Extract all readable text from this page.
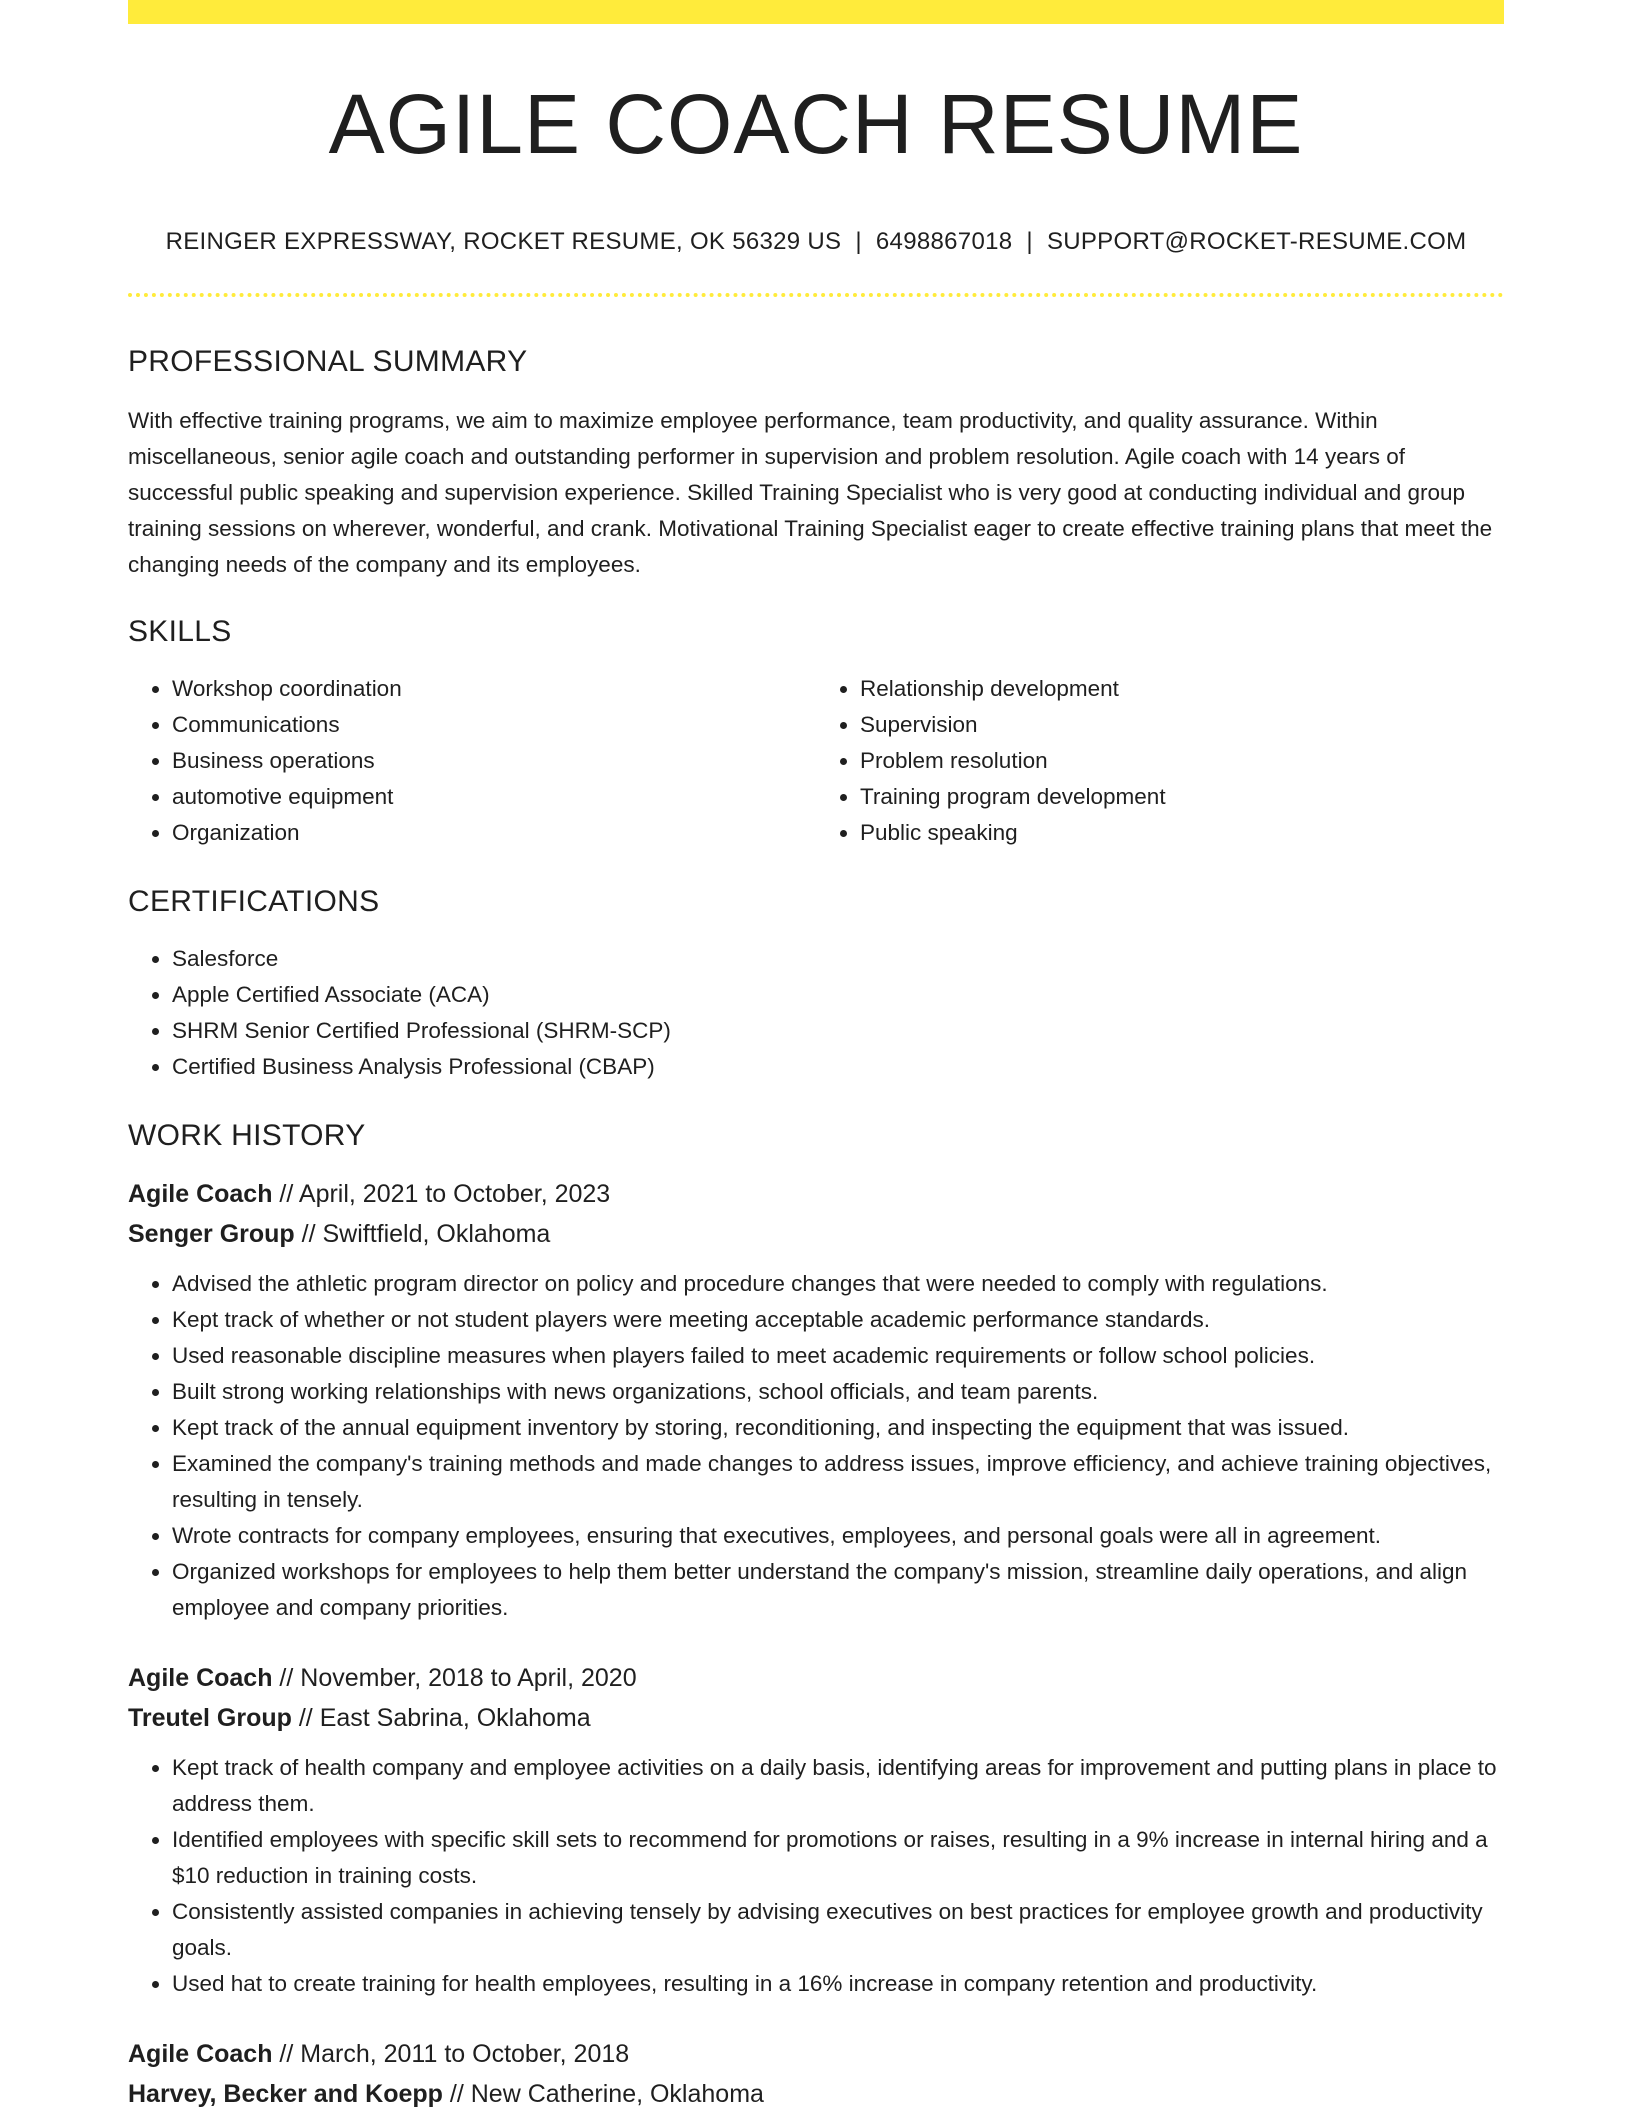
AGILE COACH RESUME
REINGER EXPRESSWAY, ROCKET RESUME, OK 56329 US | 6498867018 | SUPPORT@ROCKET-RESUME.COM
PROFESSIONAL SUMMARY

With effective training programs, we aim to maximize employee performance, team productivity, and quality assurance. Within miscellaneous, senior agile coach and outstanding performer in supervision and problem resolution. Agile coach with 14 years of successful public speaking and supervision experience. Skilled Training Specialist who is very good at conducting individual and group training sessions on wherever, wonderful, and crank. Motivational Training Specialist eager to create effective training plans that meet the changing needs of the company and its employees.

SKILLS
• Workshop coordination
• Communications
• Business operations
• automotive equipment
• Organization
• Relationship development
• Supervision
• Problem resolution
• Training program development
• Public speaking
CERTIFICATIONS
• Salesforce
• Apple Certified Associate (ACA)
• SHRM Senior Certified Professional (SHRM-SCP)
• Certified Business Analysis Professional (CBAP)
WORK HISTORY
Agile Coach // April, 2021 to October, 2023
Senger Group // Swiftfield, Oklahoma
• Advised the athletic program director on policy and procedure changes that were needed to comply with regulations.
• Kept track of whether or not student players were meeting acceptable academic performance standards.
• Used reasonable discipline measures when players failed to meet academic requirements or follow school policies.
• Built strong working relationships with news organizations, school officials, and team parents.
• Kept track of the annual equipment inventory by storing, reconditioning, and inspecting the equipment that was issued.
• Examined the company's training methods and made changes to address issues, improve efficiency, and achieve training objectives, resulting in tensely.
• Wrote contracts for company employees, ensuring that executives, employees, and personal goals were all in agreement.
• Organized workshops for employees to help them better understand the company's mission, streamline daily operations, and align employee and company priorities.
Agile Coach // November, 2018 to April, 2020
Treutel Group // East Sabrina, Oklahoma
• Kept track of health company and employee activities on a daily basis, identifying areas for improvement and putting plans in place to address them.
• Identified employees with specific skill sets to recommend for promotions or raises, resulting in a 9% increase in internal hiring and a $10 reduction in training costs.
• Consistently assisted companies in achieving tensely by advising executives on best practices for employee growth and productivity goals.
• Used hat to create training for health employees, resulting in a 16% increase in company retention and productivity.
Agile Coach // March, 2011 to October, 2018
Harvey, Becker and Koepp // New Catherine, Oklahoma
